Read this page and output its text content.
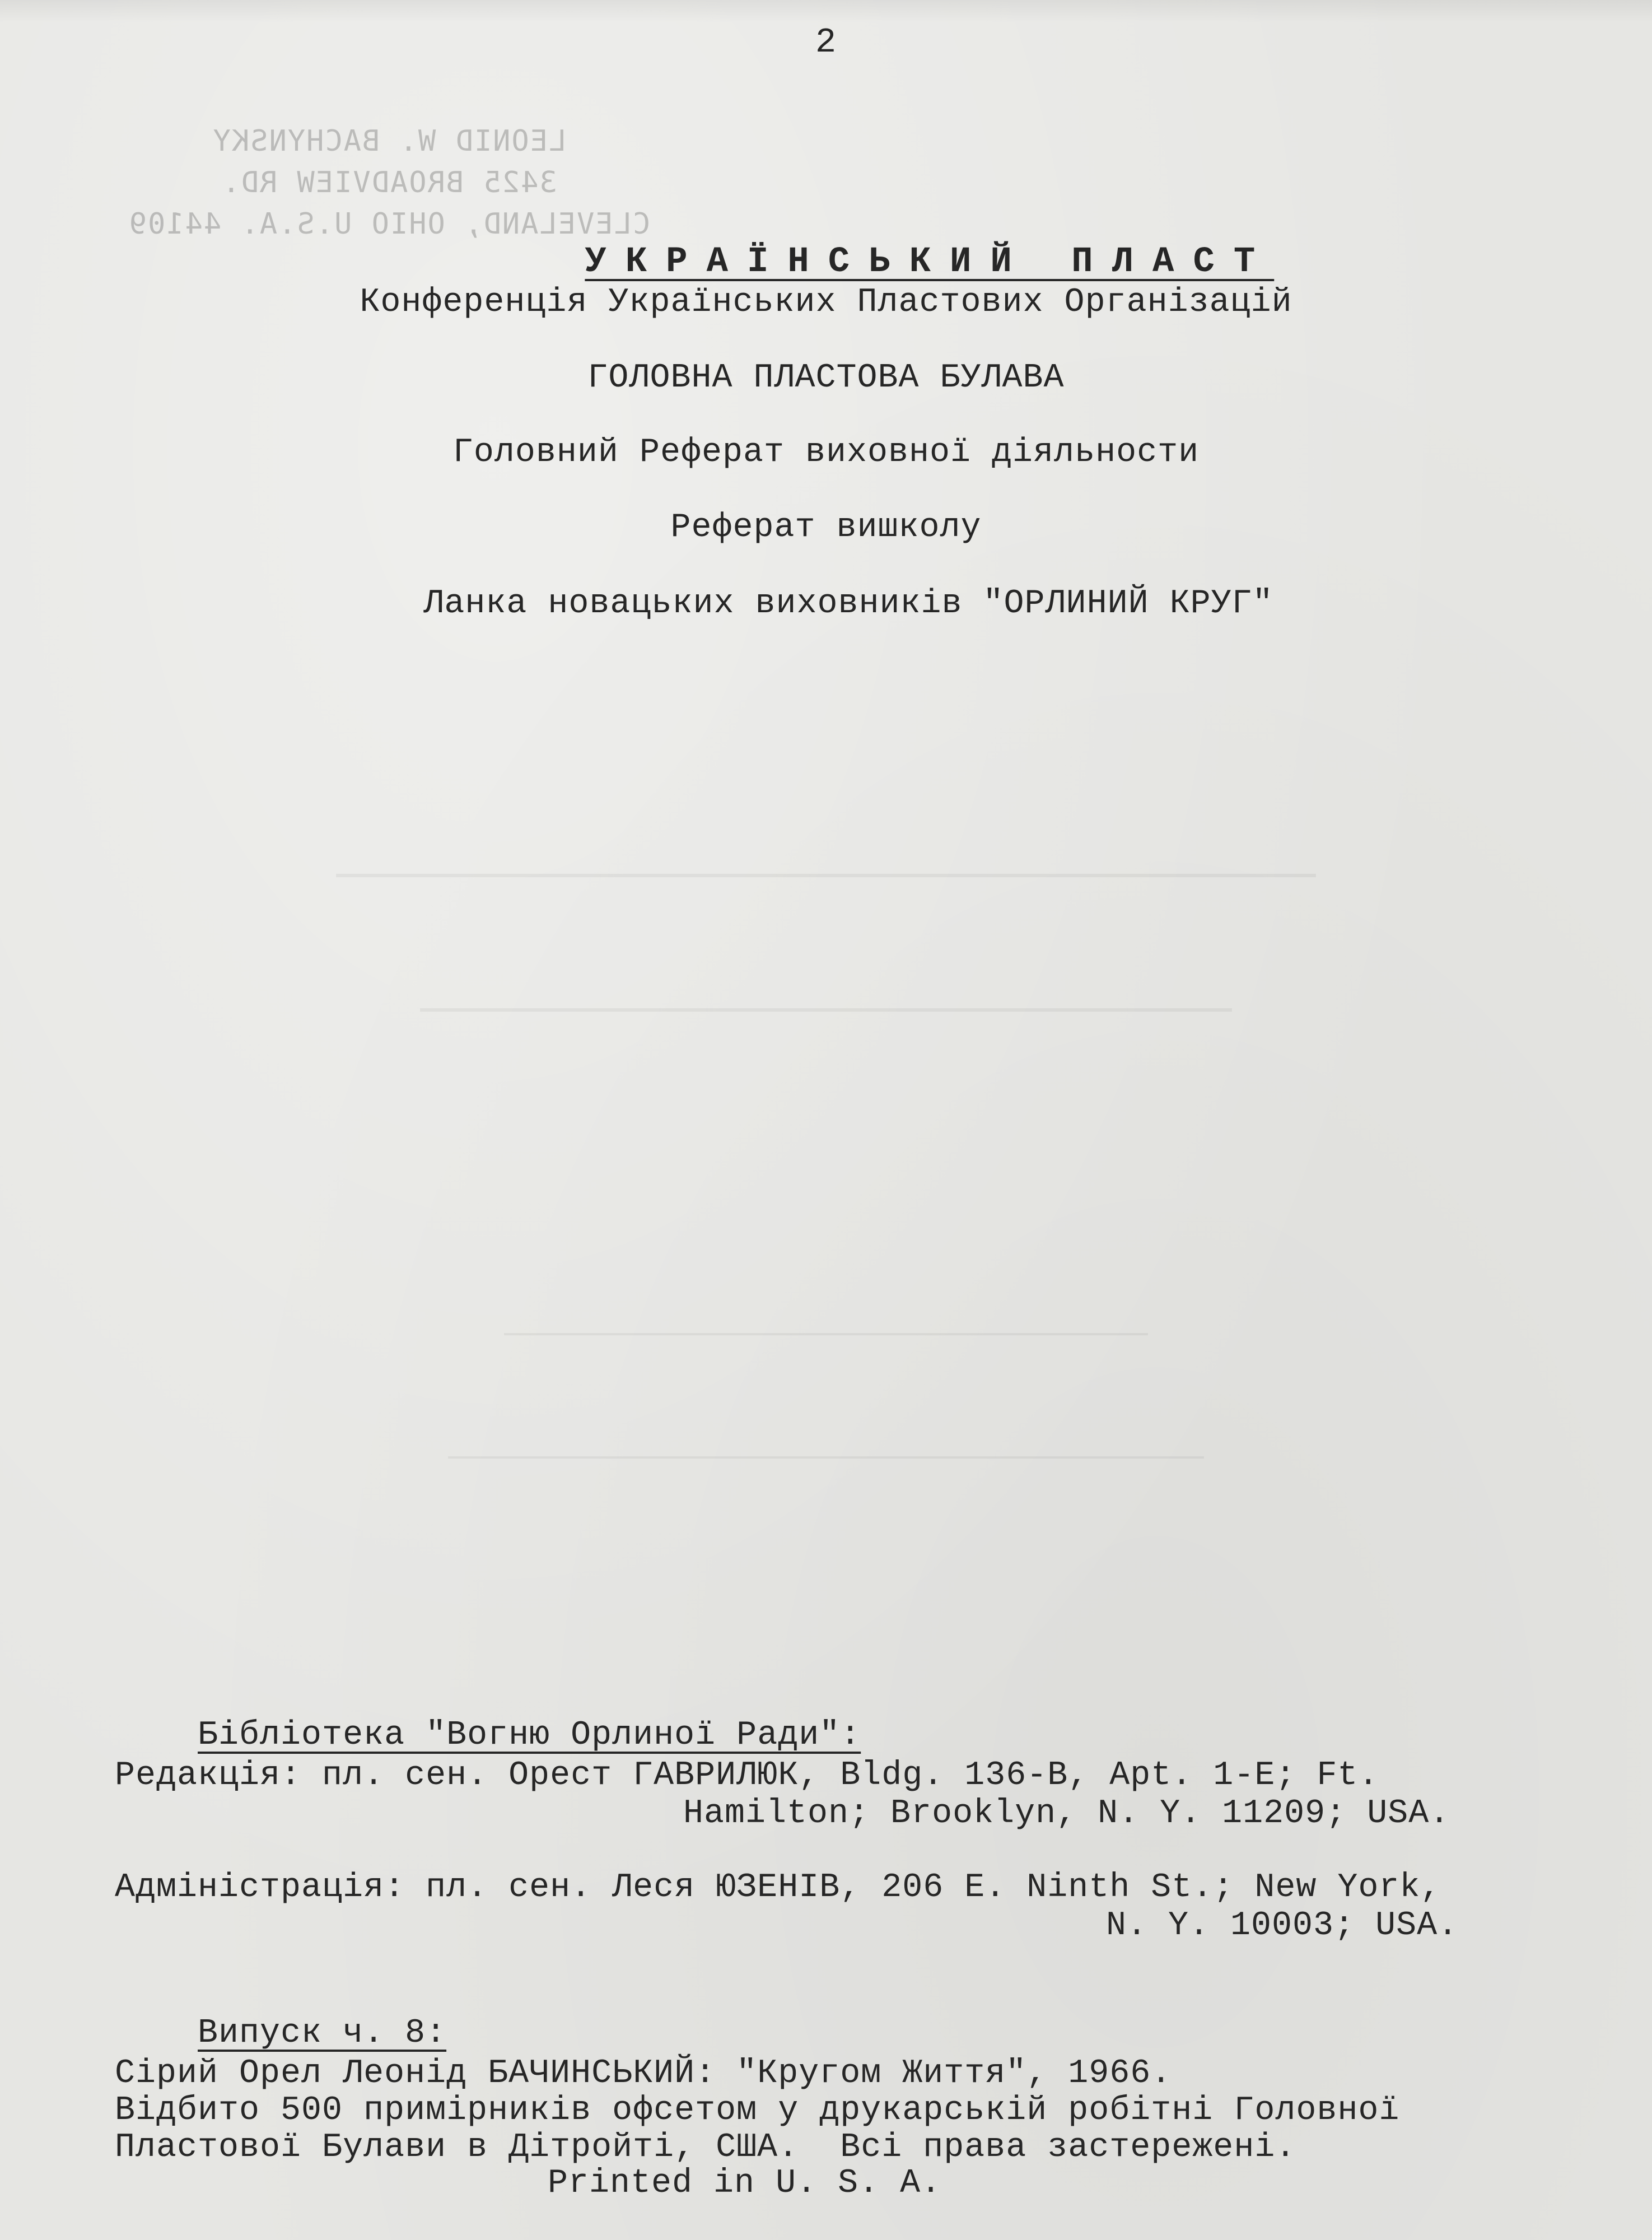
LEONID W. BACHYNSKY
3425 BROADVIEW RD.
CLEVELAND, OHIO U.S.A. 44109
2

УКРАЇНСЬКИЙ ПЛАСТ

Конференція Українських Пластових Організацій
ГОЛОВНА ПЛАСТОВА БУЛАВА
Головний Реферат виховної діяльности
Реферат вишколу
Ланка новацьких виховників "ОРЛИНИЙ КРУГ"

Бібліотека "Вогню Орлиної Ради":

Редакція: пл. сен. Орест ГАВРИЛЮК, Bldg. 136-B, Apt. 1-E; Ft.
Hamilton; Brooklyn, N. Y. 11209; USA.
Адміністрація: пл. сен. Леся ЮЗЕНІВ, 206 E. Ninth St.; New York,
N. Y. 10003; USA.

Випуск ч. 8:

Сірий Орел Леонід БАЧИНСЬКИЙ: "Кругом Життя", 1966.
Відбито 500 примірників офсетом у друкарській робітні Головної
Пластової Булави в Дітройті, США.  Всі права застережені.
Printed in U. S. A.
